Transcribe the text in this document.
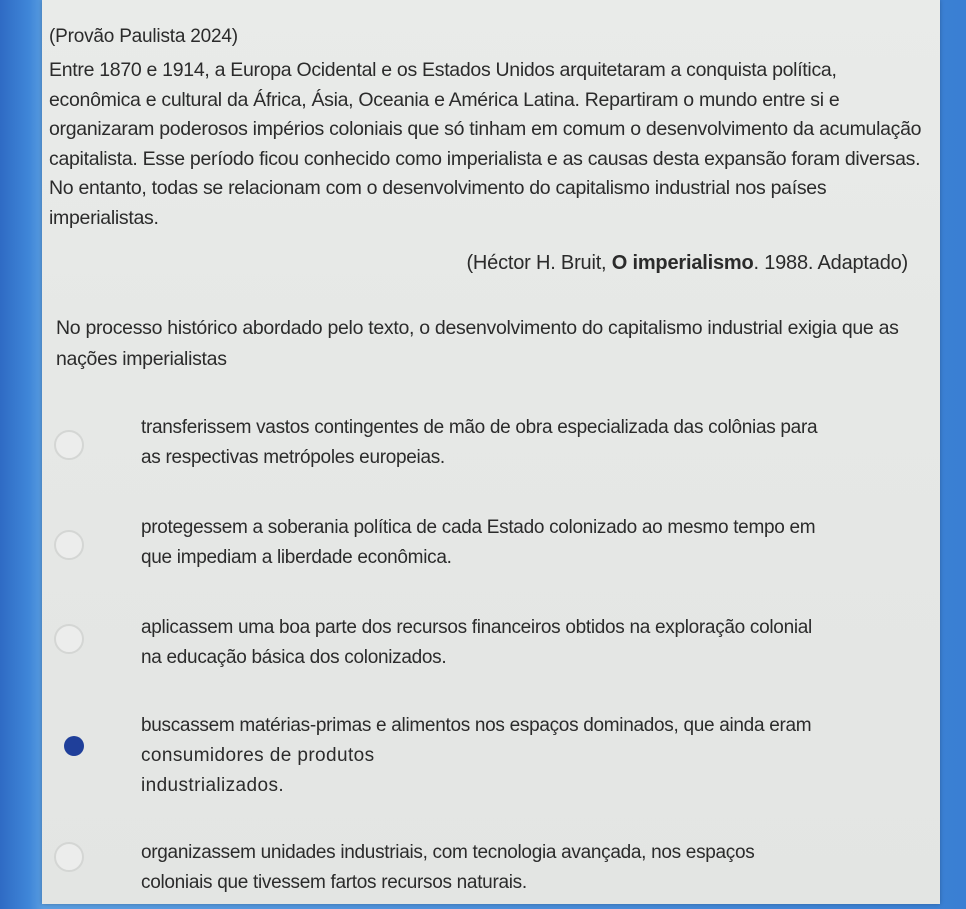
(Provão Paulista 2024)
Entre 1870 e 1914, a Europa Ocidental e os Estados Unidos arquitetaram a conquista política, econômica e cultural da África, Ásia, Oceania e América Latina. Repartiram o mundo entre si e organizaram poderosos impérios coloniais que só tinham em comum o desenvolvimento da acumulação capitalista. Esse período ficou conhecido como imperialista e as causas desta expansão foram diversas. No entanto, todas se relacionam com o desenvolvimento do capitalismo industrial nos países imperialistas.
(Héctor H. Bruit, O imperialismo. 1988. Adaptado)
No processo histórico abordado pelo texto, o desenvolvimento do capitalismo industrial exigia que as nações imperialistas
transferissem vastos contingentes de mão de obra especializada das colônias para
as respectivas metrópoles europeias.
protegessem a soberania política de cada Estado colonizado ao mesmo tempo em
que impediam a liberdade econômica.
aplicassem uma boa parte dos recursos financeiros obtidos na exploração colonial
na educação básica dos colonizados.
buscassem matérias-primas e alimentos nos espaços dominados, que ainda eram
consumidores de produtos
industrializados.
organizassem unidades industriais, com tecnologia avançada, nos espaços
coloniais que tivessem fartos recursos naturais.
